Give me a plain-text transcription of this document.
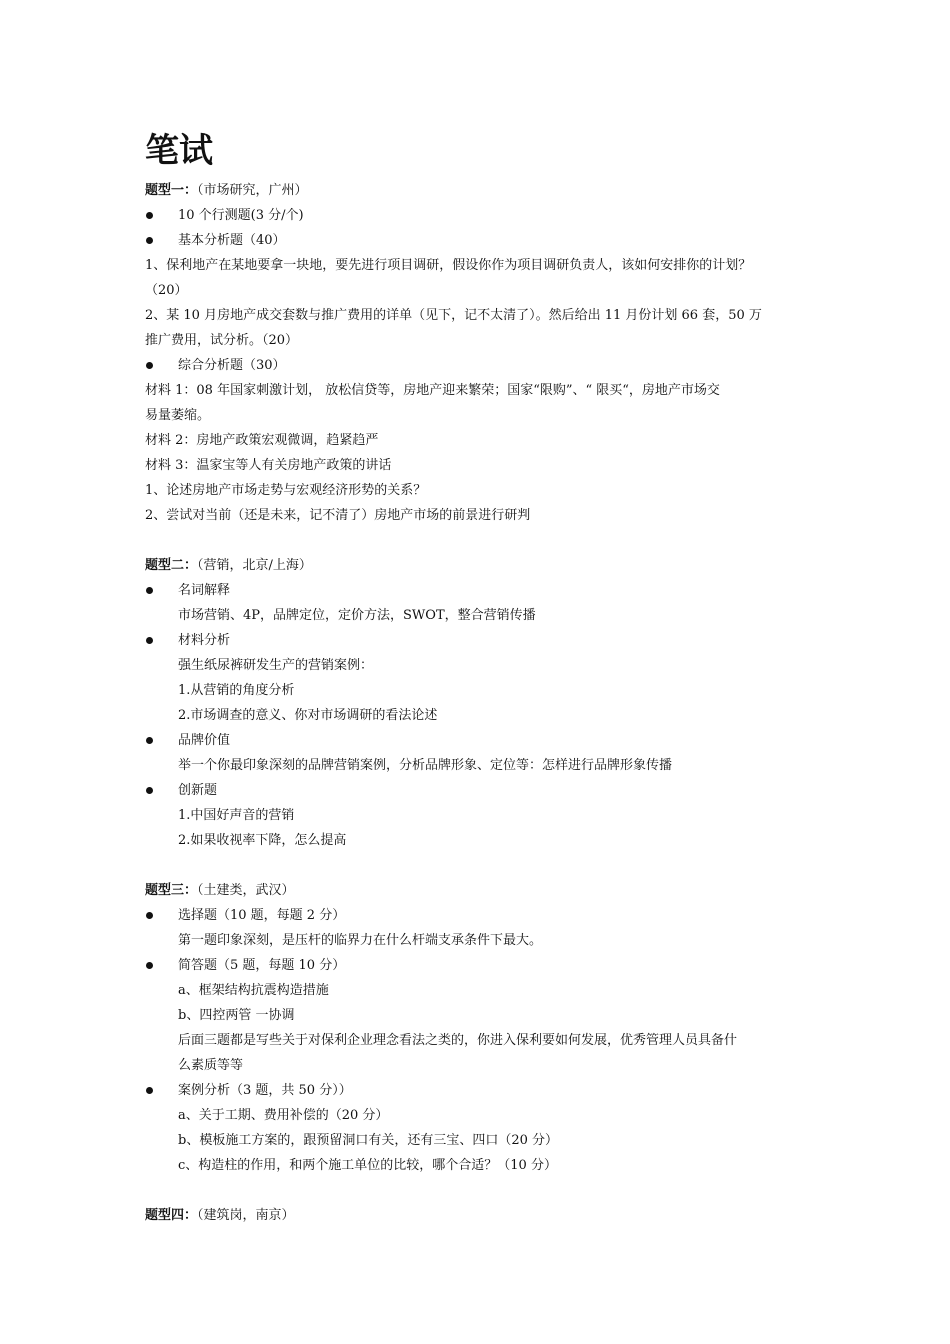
笔试
题型一：（市场研究，广州）
10 个行测题(3 分/个)
基本分析题（40）
1、保利地产在某地要拿一块地，要先进行项目调研，假设你作为项目调研负责人，该如何安排你的计划？
（20）
2、某 10 月房地产成交套数与推广费用的详单（见下，记不太清了）。然后给出 11 月份计划 66 套，50 万
推广费用，试分析。（20）
综合分析题（30）
材料 1：08 年国家刺激计划， 放松信贷等，房地产迎来繁荣；国家“限购”、“ 限买“，房地产市场交
易量萎缩。
材料 2：房地产政策宏观微调，趋紧趋严
材料 3：温家宝等人有关房地产政策的讲话
1、论述房地产市场走势与宏观经济形势的关系？
2、尝试对当前（还是未来，记不清了）房地产市场的前景进行研判
题型二：（营销，北京/上海）
名词解释
市场营销、4P，品牌定位，定价方法，SWOT，整合营销传播
材料分析
强生纸尿裤研发生产的营销案例：
1.从营销的角度分析
2.市场调查的意义、你对市场调研的看法论述
品牌价值
举一个你最印象深刻的品牌营销案例，分析品牌形象、定位等：怎样进行品牌形象传播
创新题
1.中国好声音的营销
2.如果收视率下降，怎么提高
题型三：（土建类，武汉）
选择题（10 题，每题 2 分）
第一题印象深刻，是压杆的临界力在什么杆端支承条件下最大。
简答题（5 题，每题 10 分）
a、框架结构抗震构造措施
b、四控两管 一协调
后面三题都是写些关于对保利企业理念看法之类的，你进入保利要如何发展，优秀管理人员具备什
么素质等等
案例分析（3 题，共 50 分））
a、关于工期、费用补偿的（20 分）
b、模板施工方案的，跟预留洞口有关，还有三宝、四口（20 分）
c、构造柱的作用，和两个施工单位的比较，哪个合适？（10 分）
题型四：（建筑岗，南京）
